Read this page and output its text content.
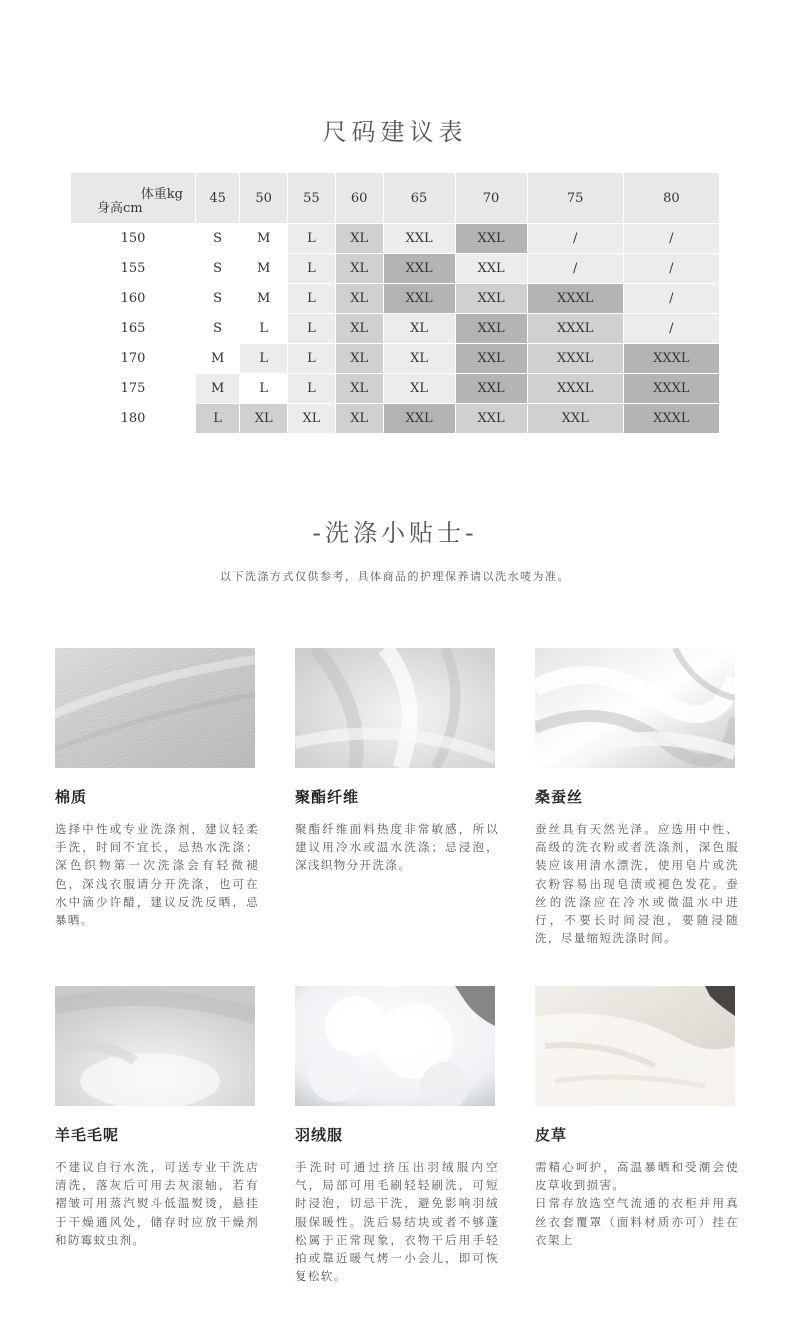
尺码建议表
体重kg
身高cm	45	50	55	60	65	70	75	80
150	S	M	L	XL	XXL	XXL	/	/
155	S	M	L	XL	XXL	XXL	/	/
160	S	M	L	XL	XXL	XXL	XXXL	/
165	S	L	L	XL	XL	XXL	XXXL	/
170	M	L	L	XL	XL	XXL	XXXL	XXXL
175	M	L	L	XL	XL	XXL	XXXL	XXXL
180	L	XL	XL	XL	XXL	XXL	XXL	XXXL
-洗涤小贴士-
以下洗涤方式仅供参考，具体商品的护理保养请以洗水唛为准。
棉质
选择中性或专业洗涤剂，建议轻柔手洗，时间不宜长，忌热水洗涤；深色织物第一次洗涤会有轻微褪色，深浅衣服请分开洗涤，也可在水中滴少许醋，建议反洗反晒，忌暴晒。
聚酯纤维
聚酯纤维面料热度非常敏感，所以建议用冷水或温水洗涤；忌浸泡，深浅织物分开洗涤。
桑蚕丝
蚕丝具有天然光泽。应选用中性、高级的洗衣粉或者洗涤剂，深色服装应该用清水漂洗，使用皂片或洗衣粉容易出现皂渍或褪色发花。蚕丝的洗涤应在冷水或微温水中进行，不要长时间浸泡，要随浸随洗，尽量缩短洗涤时间。
羊毛毛呢
不建议自行水洗，可送专业干洗店清洗，落灰后可用去灰滚轴，若有褶皱可用蒸汽熨斗低温熨烫，悬挂于干燥通风处，储存时应放干燥剂和防霉蚊虫剂。
羽绒服
手洗时可通过挤压出羽绒服内空气，局部可用毛刷轻轻刷洗，可短时浸泡，切忌干洗，避免影响羽绒服保暖性。洗后易结块或者不够蓬松属于正常现象，衣物干后用手轻拍或靠近暖气烤一小会儿，即可恢复松软。
皮草
需精心呵护，高温暴晒和受潮会使皮草收到损害。
日常存放选空气流通的衣柜并用真丝衣套覆罩（面料材质亦可）挂在衣架上
